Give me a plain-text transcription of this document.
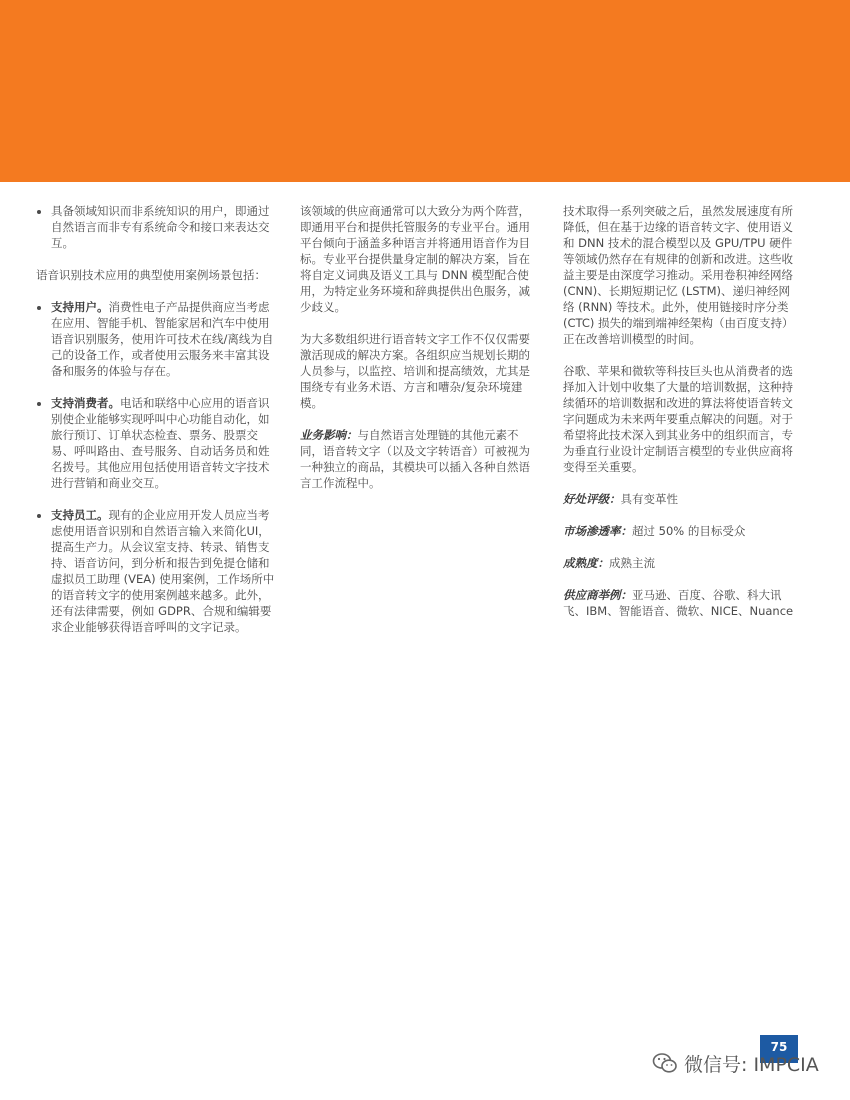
具备领域知识而非系统知识的用户，即通过自然语言而非专有系统命令和接口来表达交互。

语音识别技术应用的典型使用案例场景包括：

支持用户。消费性电子产品提供商应当考虑在应用、智能手机、智能家居和汽车中使用语音识别服务，使用许可技术在线/离线为自己的设备工作，或者使用云服务来丰富其设备和服务的体验与存在。
支持消费者。电话和联络中心应用的语音识别使企业能够实现呼叫中心功能自动化，如旅行预订、订单状态检查、票务、股票交易、呼叫路由、查号服务、自动话务员和姓名拨号。其他应用包括使用语音转文字技术进行营销和商业交互。
支持员工。现有的企业应用开发人员应当考虑使用语音识别和自然语言输入来简化UI，提高生产力。从会议室支持、转录、销售支持、语音访问，到分析和报告到免提仓储和虚拟员工助理 (VEA) 使用案例，工作场所中的语音转文字的使用案例越来越多。此外，还有法律需要，例如 GDPR、合规和编辑要求企业能够获得语音呼叫的文字记录。

该领域的供应商通常可以大致分为两个阵营，即通用平台和提供托管服务的专业平台。通用平台倾向于涵盖多种语言并将通用语音作为目标。专业平台提供量身定制的解决方案，旨在将自定义词典及语义工具与 DNN 模型配合使用，为特定业务环境和辞典提供出色服务，减少歧义。

为大多数组织进行语音转文字工作不仅仅需要激活现成的解决方案。各组织应当规划长期的人员参与，以监控、培训和提高绩效，尤其是围绕专有业务术语、方言和嘈杂/复杂环境建模。

业务影响：与自然语言处理链的其他元素不同，语音转文字（以及文字转语音）可被视为一种独立的商品，其模块可以插入各种自然语言工作流程中。

技术取得一系列突破之后，虽然发展速度有所降低，但在基于边缘的语音转文字、使用语义和 DNN 技术的混合模型以及 GPU/TPU 硬件等领域仍然存在有规律的创新和改进。这些收益主要是由深度学习推动。采用卷积神经网络 (CNN)、长期短期记忆 (LSTM)、递归神经网络 (RNN) 等技术。此外，使用链接时序分类 (CTC) 损失的端到端神经架构（由百度支持）正在改善培训模型的时间。

谷歌、苹果和微软等科技巨头也从消费者的选择加入计划中收集了大量的培训数据，这种持续循环的培训数据和改进的算法将使语音转文字问题成为未来两年要重点解决的问题。对于希望将此技术深入到其业务中的组织而言，专为垂直行业设计定制语言模型的专业供应商将变得至关重要。

好处评级：具有变革性

市场渗透率：超过 50% 的目标受众

成熟度：成熟主流

供应商举例：亚马逊、百度、谷歌、科大讯飞、IBM、智能语音、微软、NICE、Nuance

75
微信号: IMPCIA
